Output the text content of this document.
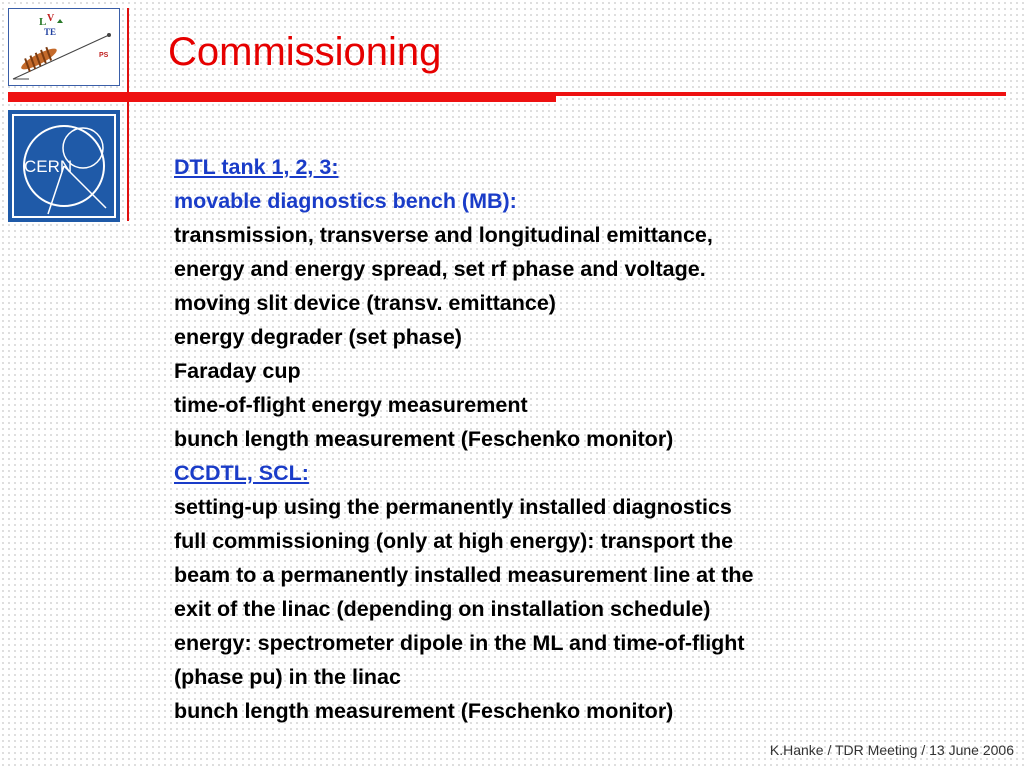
L V
TE
PS
CERN
Commissioning
DTL tank 1, 2, 3:
movable diagnostics bench (MB):
transmission, transverse and longitudinal emittance,
energy and energy spread, set rf phase and voltage.
moving slit device (transv. emittance)
energy degrader (set phase)
Faraday cup
time-of-flight energy measurement
bunch length measurement (Feschenko monitor)
CCDTL, SCL:
setting-up using the permanently installed diagnostics
full commissioning (only at high energy): transport the
beam to a permanently installed measurement line at the
exit of the linac (depending on installation schedule)
energy: spectrometer dipole in the ML and time-of-flight
(phase pu) in the linac
bunch length measurement (Feschenko monitor)
K.Hanke / TDR Meeting / 13 June 2006
